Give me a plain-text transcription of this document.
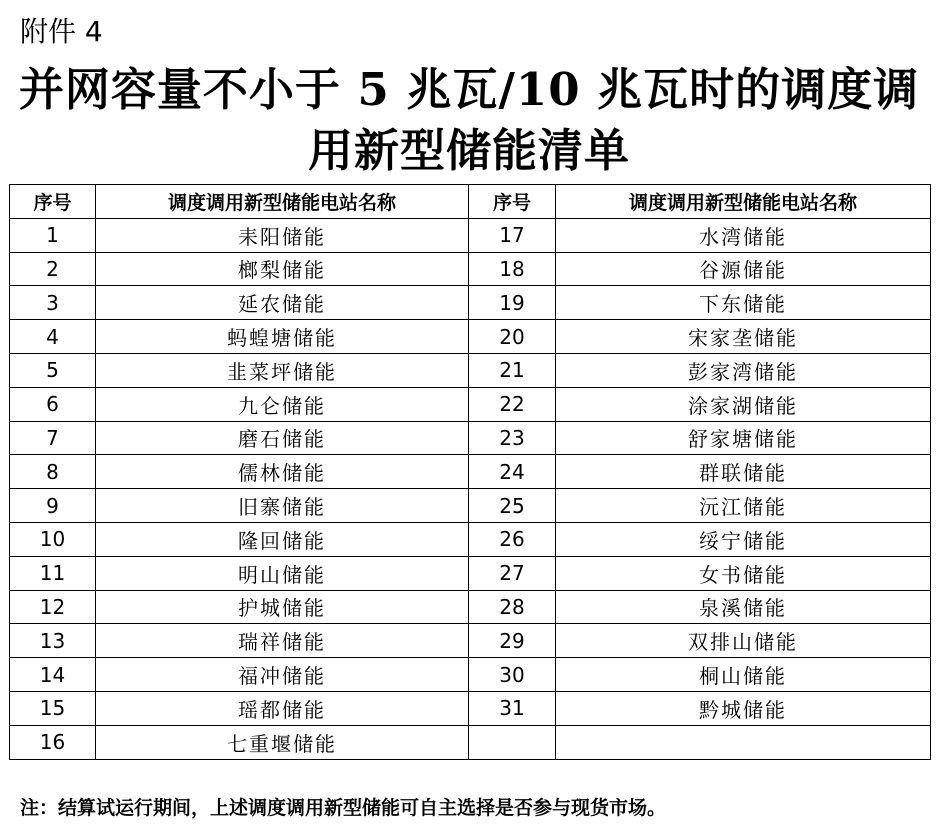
附件 4
并网容量不小于 5 兆瓦/10 兆瓦时的调度调
用新型储能清单
序号	调度调用新型储能电站名称	序号	调度调用新型储能电站名称
1	耒阳储能	17	水湾储能
2	榔梨储能	18	谷源储能
3	延农储能	19	下东储能
4	蚂蝗塘储能	20	宋家垄储能
5	韭菜坪储能	21	彭家湾储能
6	九仑储能	22	涂家湖储能
7	磨石储能	23	舒家塘储能
8	儒林储能	24	群联储能
9	旧寨储能	25	沅江储能
10	隆回储能	26	绥宁储能
11	明山储能	27	女书储能
12	护城储能	28	泉溪储能
13	瑞祥储能	29	双排山储能
14	福冲储能	30	桐山储能
15	瑶都储能	31	黔城储能
16	七重堰储能		
注：结算试运行期间，上述调度调用新型储能可自主选择是否参与现货市场。
